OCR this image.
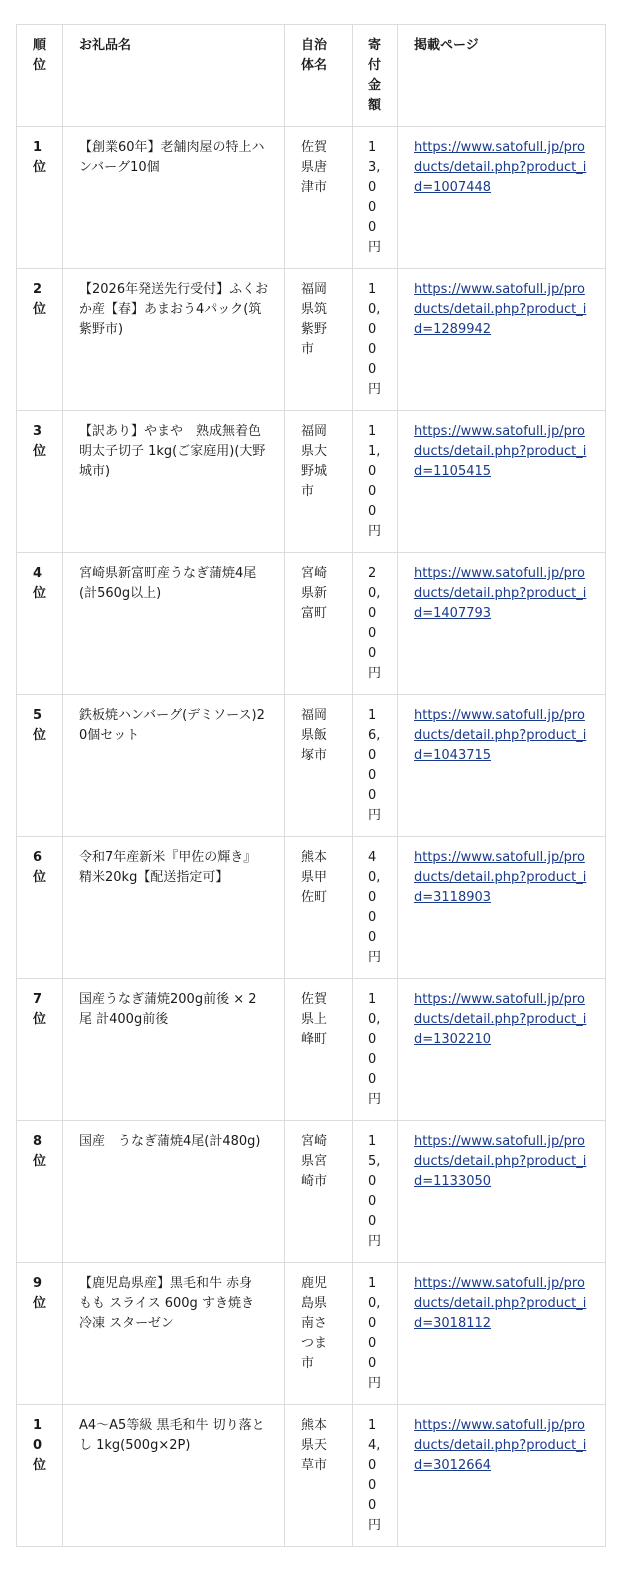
順位	お礼品名	自治体名	寄付金額	掲載ページ
1位	【創業60年】老舗肉屋の特上ハンバーグ10個	佐賀県唐津市	13,000円	https://www.satofull.jp/products/detail.php?product_id=1007448
2位	【2026年発送先行受付】ふくおか産【春】あまおう4パック(筑紫野市)	福岡県筑紫野市	10,000円	https://www.satofull.jp/products/detail.php?product_id=1289942
3位	【訳あり】やまや　熟成無着色明太子切子 1kg(ご家庭用)(大野城市)	福岡県大野城市	11,000円	https://www.satofull.jp/products/detail.php?product_id=1105415
4位	宮崎県新富町産うなぎ蒲焼4尾(計560g以上)	宮崎県新富町	20,000円	https://www.satofull.jp/products/detail.php?product_id=1407793
5位	鉄板焼ハンバーグ(デミソース)20個セット	福岡県飯塚市	16,000円	https://www.satofull.jp/products/detail.php?product_id=1043715
6位	令和7年産新米『甲佐の輝き』精米20kg【配送指定可】	熊本県甲佐町	40,000円	https://www.satofull.jp/products/detail.php?product_id=3118903
7位	国産うなぎ蒲焼200g前後 × 2尾 計400g前後	佐賀県上峰町	10,000円	https://www.satofull.jp/products/detail.php?product_id=1302210
8位	国産　うなぎ蒲焼4尾(計480g)	宮崎県宮崎市	15,000円	https://www.satofull.jp/products/detail.php?product_id=1133050
9位	【鹿児島県産】黒毛和牛 赤身 もも スライス 600g すき焼き 冷凍 スターゼン	鹿児島県南さつま市	10,000円	https://www.satofull.jp/products/detail.php?product_id=3018112
10位	A4～A5等級 黒毛和牛 切り落とし 1kg(500g×2P)	熊本県天草市	14,000円	https://www.satofull.jp/products/detail.php?product_id=3012664
